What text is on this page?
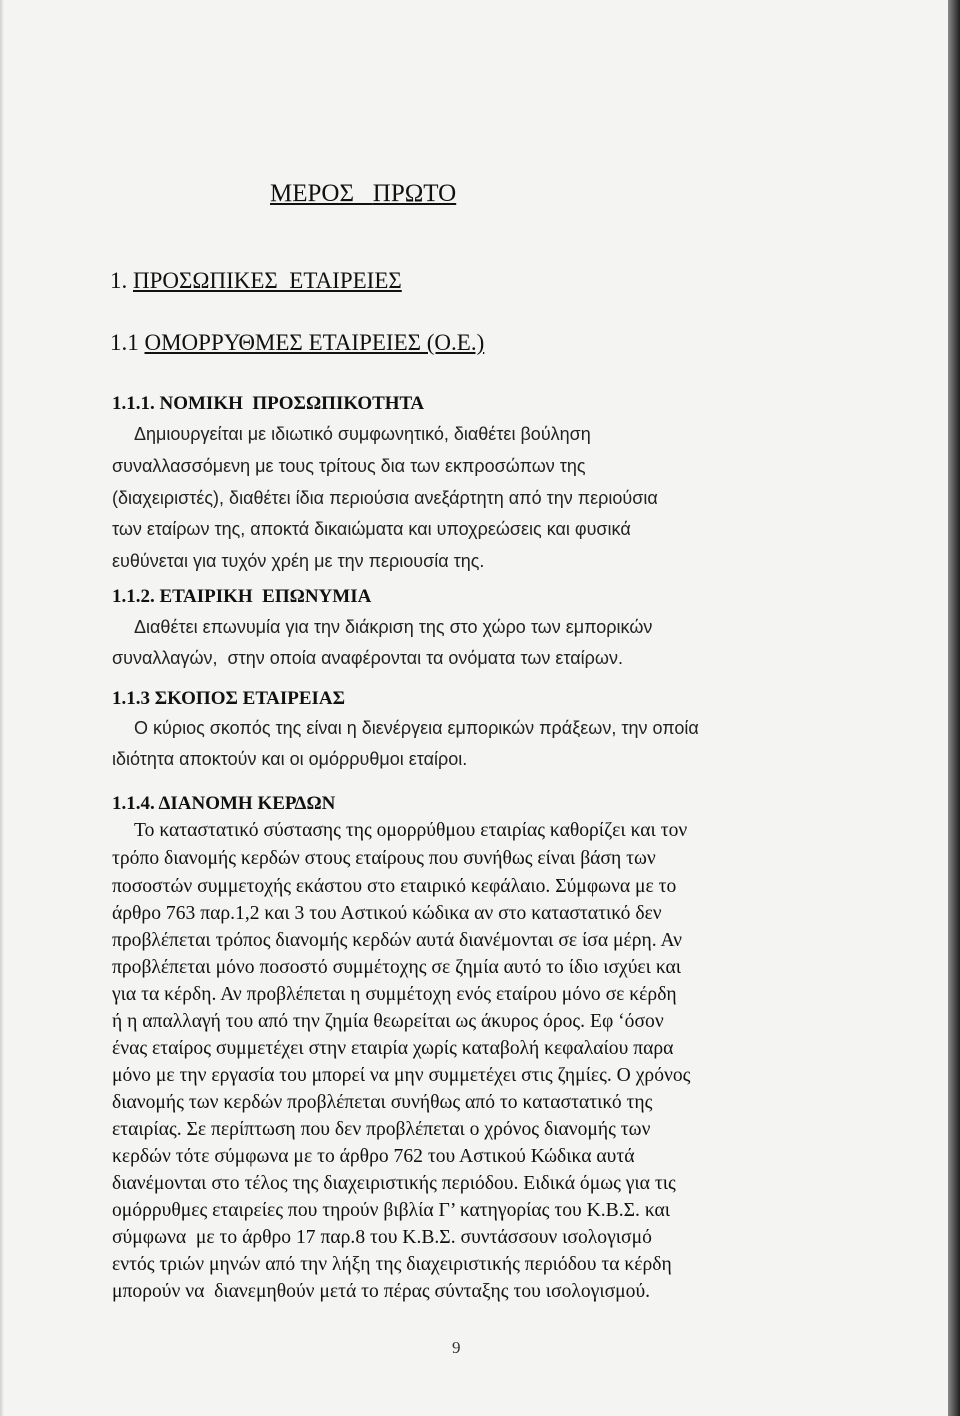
ΜΕΡΟΣ ΠΡΩΤΟ
1. ΠΡΟΣΩΠΙΚΕΣ  ΕΤΑΙΡΕΙΕΣ
1.1 ΟΜΟΡΡΥΘΜΕΣ ΕΤΑΙΡΕΙΕΣ (Ο.Ε.)
1.1.1. ΝΟΜΙΚΗ  ΠΡΟΣΩΠΙΚΟΤΗΤΑ
Δημιουργείται με ιδιωτικό συμφωνητικό, διαθέτει βούληση
συναλλασσόμενη με τους τρίτους δια των εκπροσώπων της
(διαχειριστές), διαθέτει ίδια περιούσια ανεξάρτητη από την περιούσια
των εταίρων της, αποκτά δικαιώματα και υποχρεώσεις και φυσικά
ευθύνεται για τυχόν χρέη με την περιουσία της.
1.1.2. ΕΤΑΙΡΙΚΗ  ΕΠΩΝΥΜΙΑ
Διαθέτει επωνυμία για την διάκριση της στο χώρο των εμπορικών
συναλλαγών,  στην οποία αναφέρονται τα ονόματα των εταίρων.
1.1.3 ΣΚΟΠΟΣ ΕΤΑΙΡΕΙΑΣ
Ο κύριος σκοπός της είναι η διενέργεια εμπορικών πράξεων, την οποία
ιδιότητα αποκτούν και οι ομόρρυθμοι εταίροι.
1.1.4. ΔΙΑΝΟΜΗ ΚΕΡΔΩΝ
Το καταστατικό σύστασης της ομορρύθμου εταιρίας καθορίζει και τον
τρόπο διανομής κερδών στους εταίρους που συνήθως είναι βάση των
ποσοστών συμμετοχής εκάστου στο εταιρικό κεφάλαιο. Σύμφωνα με το
άρθρο 763 παρ.1,2 και 3 του Αστικού κώδικα αν στο καταστατικό δεν
προβλέπεται τρόπος διανομής κερδών αυτά διανέμονται σε ίσα μέρη. Αν
προβλέπεται μόνο ποσοστό συμμέτοχης σε ζημία αυτό το ίδιο ισχύει και
για τα κέρδη. Αν προβλέπεται η συμμέτοχη ενός εταίρου μόνο σε κέρδη
ή η απαλλαγή του από την ζημία θεωρείται ως άκυρος όρος. Εφ ‘όσον
ένας εταίρος συμμετέχει στην εταιρία χωρίς καταβολή κεφαλαίου παρα
μόνο με την εργασία του μπορεί να μην συμμετέχει στις ζημίες. Ο χρόνος
διανομής των κερδών προβλέπεται συνήθως από το καταστατικό της
εταιρίας. Σε περίπτωση που δεν προβλέπεται ο χρόνος διανομής των
κερδών τότε σύμφωνα με το άρθρο 762 του Αστικού Κώδικα αυτά
διανέμονται στο τέλος της διαχειριστικής περιόδου. Ειδικά όμως για τις
ομόρρυθμες εταιρείες που τηρούν βιβλία Γ’ κατηγορίας του Κ.Β.Σ. και
σύμφωνα  με το άρθρο 17 παρ.8 του Κ.Β.Σ. συντάσσουν ισολογισμό
εντός τριών μηνών από την λήξη της διαχειριστικής περιόδου τα κέρδη
μπορούν να  διανεμηθούν μετά το πέρας σύνταξης του ισολογισμού.
9
